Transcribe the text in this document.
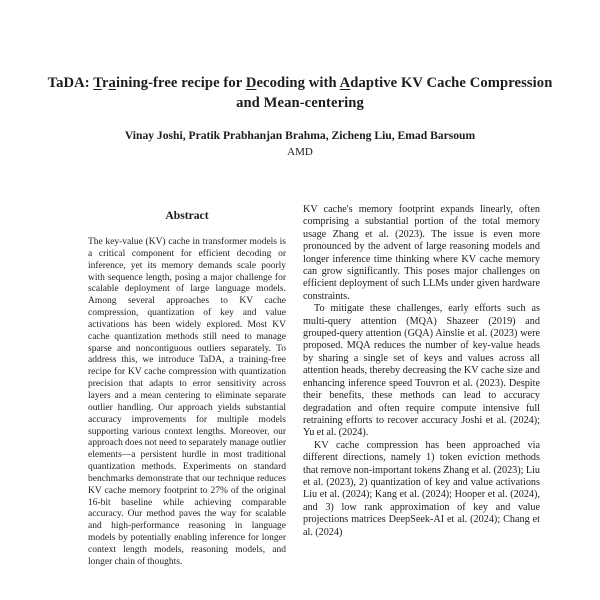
TaDA: Training-free recipe for Decoding with Adaptive KV Cache Compression and Mean-centering
Vinay Joshi, Pratik Prabhanjan Brahma, Zicheng Liu, Emad Barsoum
AMD
Abstract
The key-value (KV) cache in transformer models is a critical component for efficient decoding or inference, yet its memory demands scale poorly with sequence length, posing a major challenge for scalable deployment of large language models. Among several approaches to KV cache compression, quantization of key and value activations has been widely explored. Most KV cache quantization methods still need to manage sparse and noncontiguous outliers separately. To address this, we introduce TaDA, a training-free recipe for KV cache compression with quantization precision that adapts to error sensitivity across layers and a mean centering to eliminate separate outlier handling. Our approach yields substantial accuracy improvements for multiple models supporting various context lengths. Moreover, our approach does not need to separately manage outlier elements—a persistent hurdle in most traditional quantization methods. Experiments on standard benchmarks demonstrate that our technique reduces KV cache memory footprint to 27% of the original 16-bit baseline while achieving comparable accuracy. Our method paves the way for scalable and high-performance reasoning in language models by potentially enabling inference for longer context length models, reasoning models, and longer chain of thoughts.

KV cache's memory footprint expands linearly, often comprising a substantial portion of the total memory usage Zhang et al. (2023). The issue is even more pronounced by the advent of large reasoning models and longer inference time thinking where KV cache memory can grow significantly. This poses major challenges on efficient deployment of such LLMs under given hardware constraints.

To mitigate these challenges, early efforts such as multi-query attention (MQA) Shazeer (2019) and grouped-query attention (GQA) Ainslie et al. (2023) were proposed. MQA reduces the number of key-value heads by sharing a single set of keys and values across all attention heads, thereby decreasing the KV cache size and enhancing inference speed Touvron et al. (2023). Despite their benefits, these methods can lead to accuracy degradation and often require compute intensive full retraining efforts to recover accuracy Joshi et al. (2024); Yu et al. (2024).

KV cache compression has been approached via different directions, namely 1) token eviction methods that remove non-important tokens Zhang et al. (2023); Liu et al. (2023), 2) quantization of key and value activations Liu et al. (2024); Kang et al. (2024); Hooper et al. (2024), and 3) low rank approximation of key and value projections matrices DeepSeek-AI et al. (2024); Chang et al. (2024)
